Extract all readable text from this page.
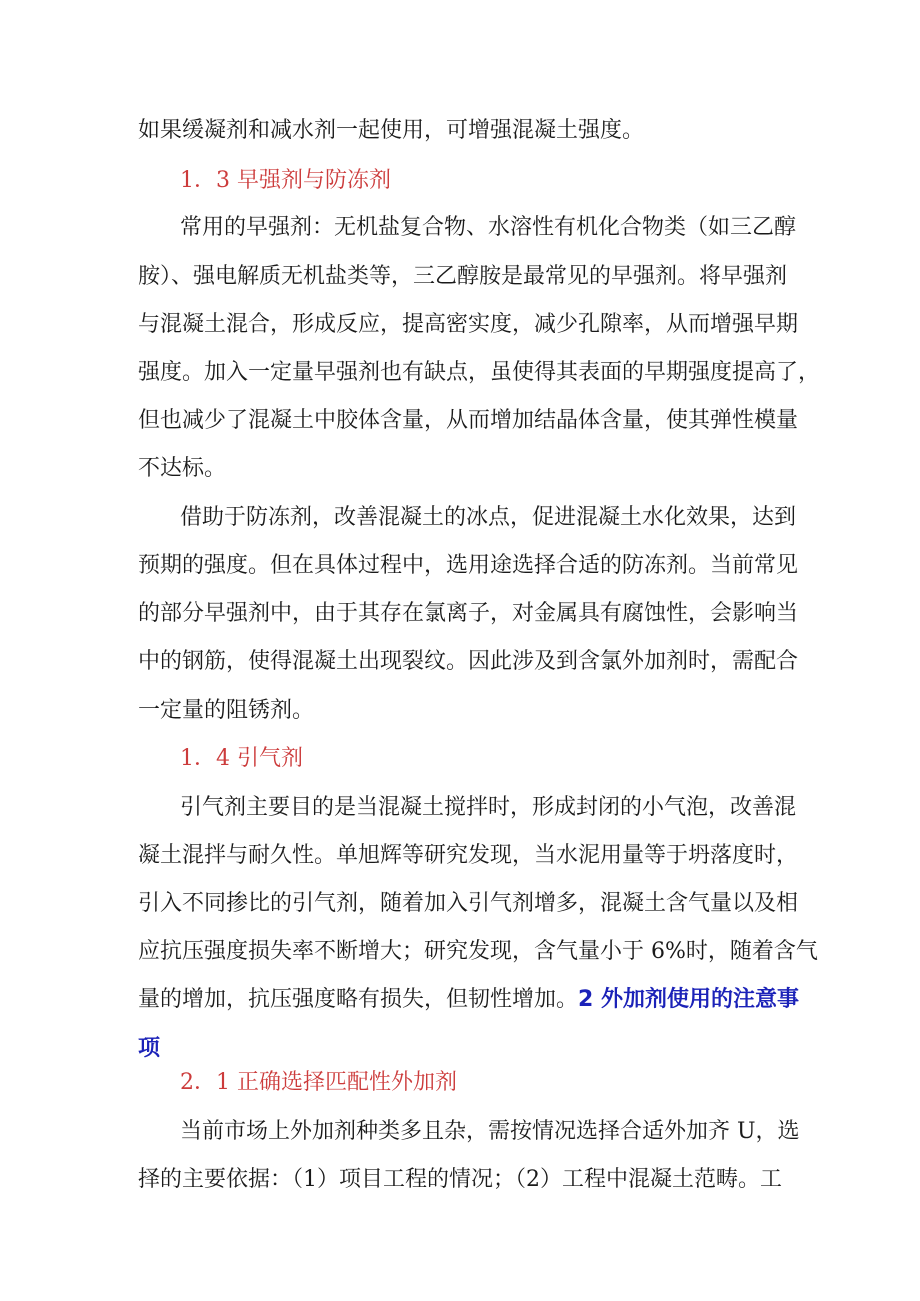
如果缓凝剂和减水剂一起使用，可增强混凝土强度。
1．3 早强剂与防冻剂
常用的早强剂：无机盐复合物、水溶性有机化合物类（如三乙醇
胺）、强电解质无机盐类等，三乙醇胺是最常见的早强剂。将早强剂
与混凝土混合，形成反应，提高密实度，减少孔隙率，从而增强早期
强度。加入一定量早强剂也有缺点，虽使得其表面的早期强度提高了，
但也减少了混凝土中胶体含量，从而增加结晶体含量，使其弹性模量
不达标。
借助于防冻剂，改善混凝土的冰点，促进混凝土水化效果，达到
预期的强度。但在具体过程中，选用途选择合适的防冻剂。当前常见
的部分早强剂中，由于其存在氯离子，对金属具有腐蚀性，会影响当
中的钢筋，使得混凝土出现裂纹。因此涉及到含氯外加剂时，需配合
一定量的阻锈剂。
1．4 引气剂
引气剂主要目的是当混凝土搅拌时，形成封闭的小气泡，改善混
凝土混拌与耐久性。单旭辉等研究发现，当水泥用量等于坍落度时，
引入不同掺比的引气剂，随着加入引气剂增多，混凝土含气量以及相
应抗压强度损失率不断增大；研究发现，含气量小于 6%时，随着含气
量的增加，抗压强度略有损失，但韧性增加。2 外加剂使用的注意事
项
2．1 正确选择匹配性外加剂
当前市场上外加剂种类多且杂，需按情况选择合适外加齐 U，选
择的主要依据：（1）项目工程的情况；（2）工程中混凝土范畴。工
